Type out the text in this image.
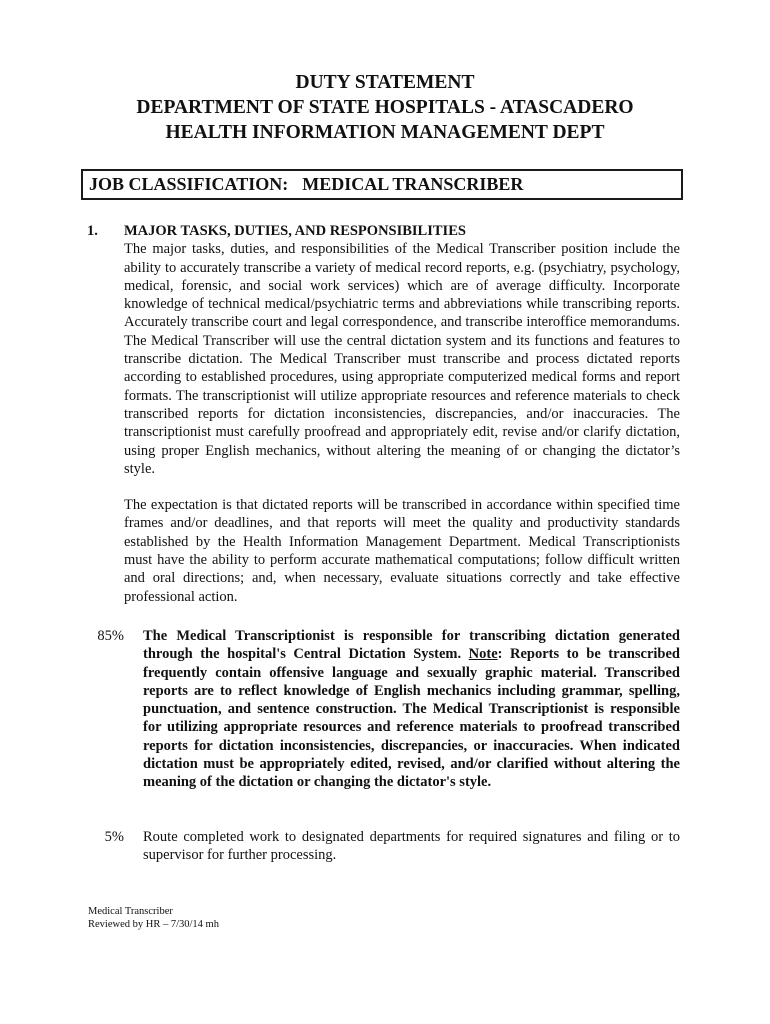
DUTY STATEMENT
DEPARTMENT OF STATE HOSPITALS - ATASCADERO
HEALTH INFORMATION MANAGEMENT DEPT
JOB CLASSIFICATION: MEDICAL TRANSCRIBER
1. MAJOR TASKS, DUTIES, AND RESPONSIBILITIES

The major tasks, duties, and responsibilities of the Medical Transcriber position include the ability to accurately transcribe a variety of medical record reports, e.g. (psychiatry, psychology, medical, forensic, and social work services) which are of average difficulty. Incorporate knowledge of technical medical/psychiatric terms and abbreviations while transcribing reports. Accurately transcribe court and legal correspondence, and transcribe interoffice memorandums. The Medical Transcriber will use the central dictation system and its functions and features to transcribe dictation. The Medical Transcriber must transcribe and process dictated reports according to established procedures, using appropriate computerized medical forms and report formats. The transcriptionist will utilize appropriate resources and reference materials to check transcribed reports for dictation inconsistencies, discrepancies, and/or inaccuracies. The transcriptionist must carefully proofread and appropriately edit, revise and/or clarify dictation, using proper English mechanics, without altering the meaning of or changing the dictator’s style.

The expectation is that dictated reports will be transcribed in accordance within specified time frames and/or deadlines, and that reports will meet the quality and productivity standards established by the Health Information Management Department. Medical Transcriptionists must have the ability to perform accurate mathematical computations; follow difficult written and oral directions; and, when necessary, evaluate situations correctly and take effective professional action.

85% The Medical Transcriptionist is responsible for transcribing dictation generated through the hospital's Central Dictation System. Note: Reports to be transcribed frequently contain offensive language and sexually graphic material. Transcribed reports are to reflect knowledge of English mechanics including grammar, spelling, punctuation, and sentence construction. The Medical Transcriptionist is responsible for utilizing appropriate resources and reference materials to proofread transcribed reports for dictation inconsistencies, discrepancies, or inaccuracies. When indicated dictation must be appropriately edited, revised, and/or clarified without altering the meaning of the dictation or changing the dictator's style.
5% Route completed work to designated departments for required signatures and filing or to supervisor for further processing.
Medical Transcriber
Reviewed by HR – 7/30/14 mh
